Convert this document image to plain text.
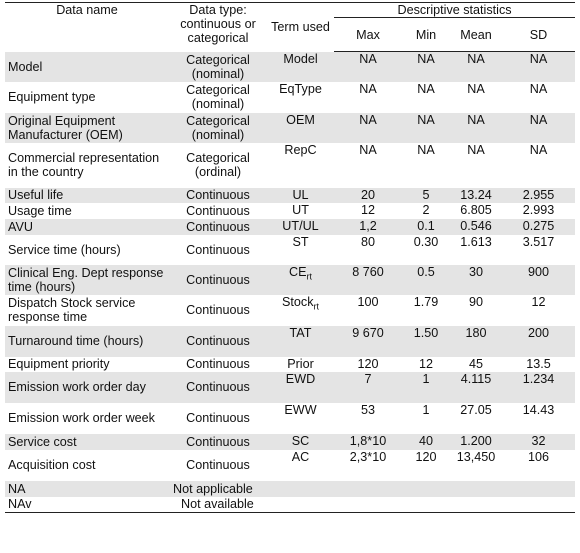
Data name	Data type: continuous or categorical	Term used	Descriptive statistics			
			Max	Min	Mean	SD
Model	Categorical (nominal)	Model	NA	NA	NA	NA
Equipment type	Categorical (nominal)	EqType	NA	NA	NA	NA
Original Equipment Manufacturer (OEM)	Categorical (nominal)	OEM	NA	NA	NA	NA
Commercial representation in the country	Categorical (ordinal)	RepC	NA	NA	NA	NA
Useful life	Continuous	UL	20	5	13.24	2.955
Usage time	Continuous	UT	12	2	6.805	2.993
AVU	Continuous	UT/UL	1,2	0.1	0.546	0.275
Service time (hours)	Continuous	ST	80	0.30	1.613	3.517
Clinical Eng. Dept response time (hours)	Continuous	$CE_{rt}$	8 760	0.5	30	900
Dispatch Stock service response time	Continuous	Stock$_{rt}$	100	1.79	90	12
Turnaround time (hours)	Continuous	TAT	9 670	1.50	180	200
Equipment priority	Continuous	Prior	120	12	45	13.5
Emission work order day	Continuous	EWD	7	1	4.115	1.234
Emission work order week	Continuous	EWW	53	1	27.05	14.43
Service cost	Continuous	SC	1,8*10	40	1.200	32
Acquisition cost	Continuous	AC	2,3*10	120	13,450	106
NA	Not applicable					
NAv	Not available					
